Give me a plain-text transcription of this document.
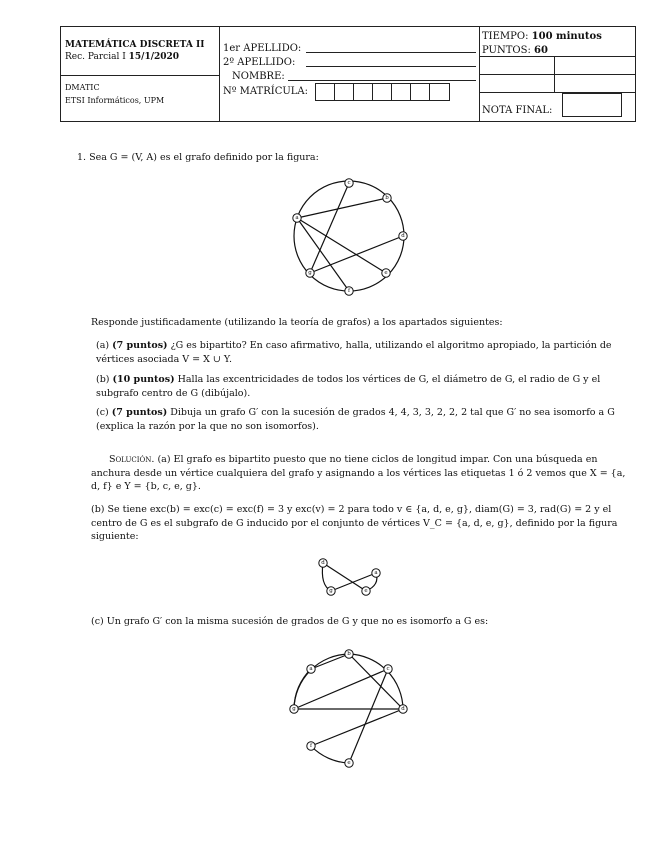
MATEMÁTICA DISCRETA II
Rec. Parcial I 15/1/2020
DMATIC
ETSI Informáticos, UPM
1er APELLIDO:
2º APELLIDO:
NOMBRE:
Nº MATRÍCULA:
TIEMPO: 100 minutos
PUNTOS: 60
NOTA FINAL:
1. Sea G = (V, A) es el grafo definido por la figura:
c
b
a
d
e
f
g
Responde justificadamente (utilizando la teoría de grafos) a los apartados siguientes:
(a) (7 puntos) ¿G es bipartito? En caso afirmativo, halla, utilizando el algoritmo apropiado, la partición de vértices asociada V = X ∪ Y.
(b) (10 puntos) Halla las excentricidades de todos los vértices de G, el diámetro de G, el radio de G y el subgrafo centro de G (dibújalo).
(c) (7 puntos) Dibuja un grafo G′ con la sucesión de grados 4, 4, 3, 3, 2, 2, 2 tal que G′ no sea isomorfo a G (explica la razón por la que no son isomorfos).
Solución. (a) El grafo es bipartito puesto que no tiene ciclos de longitud impar. Con una búsqueda en anchura desde un vértice cualquiera del grafo y asignando a los vértices las etiquetas 1 ó 2 vemos que X = {a, d, f} e Y = {b, c, e, g}.
(b) Se tiene exc(b) = exc(c) = exc(f) = 3 y exc(v) = 2 para todo v ∈ {a, d, e, g}, diam(G) = 3, rad(G) = 2 y el centro de G es el subgrafo de G inducido por el conjunto de vértices V_C = {a, d, e, g}, definido por la figura siguiente:
d
g	e
a
(c) Un grafo G′ con la misma sucesión de grados de G y que no es isomorfo a G es:
a
b
c
d
e
f
g
